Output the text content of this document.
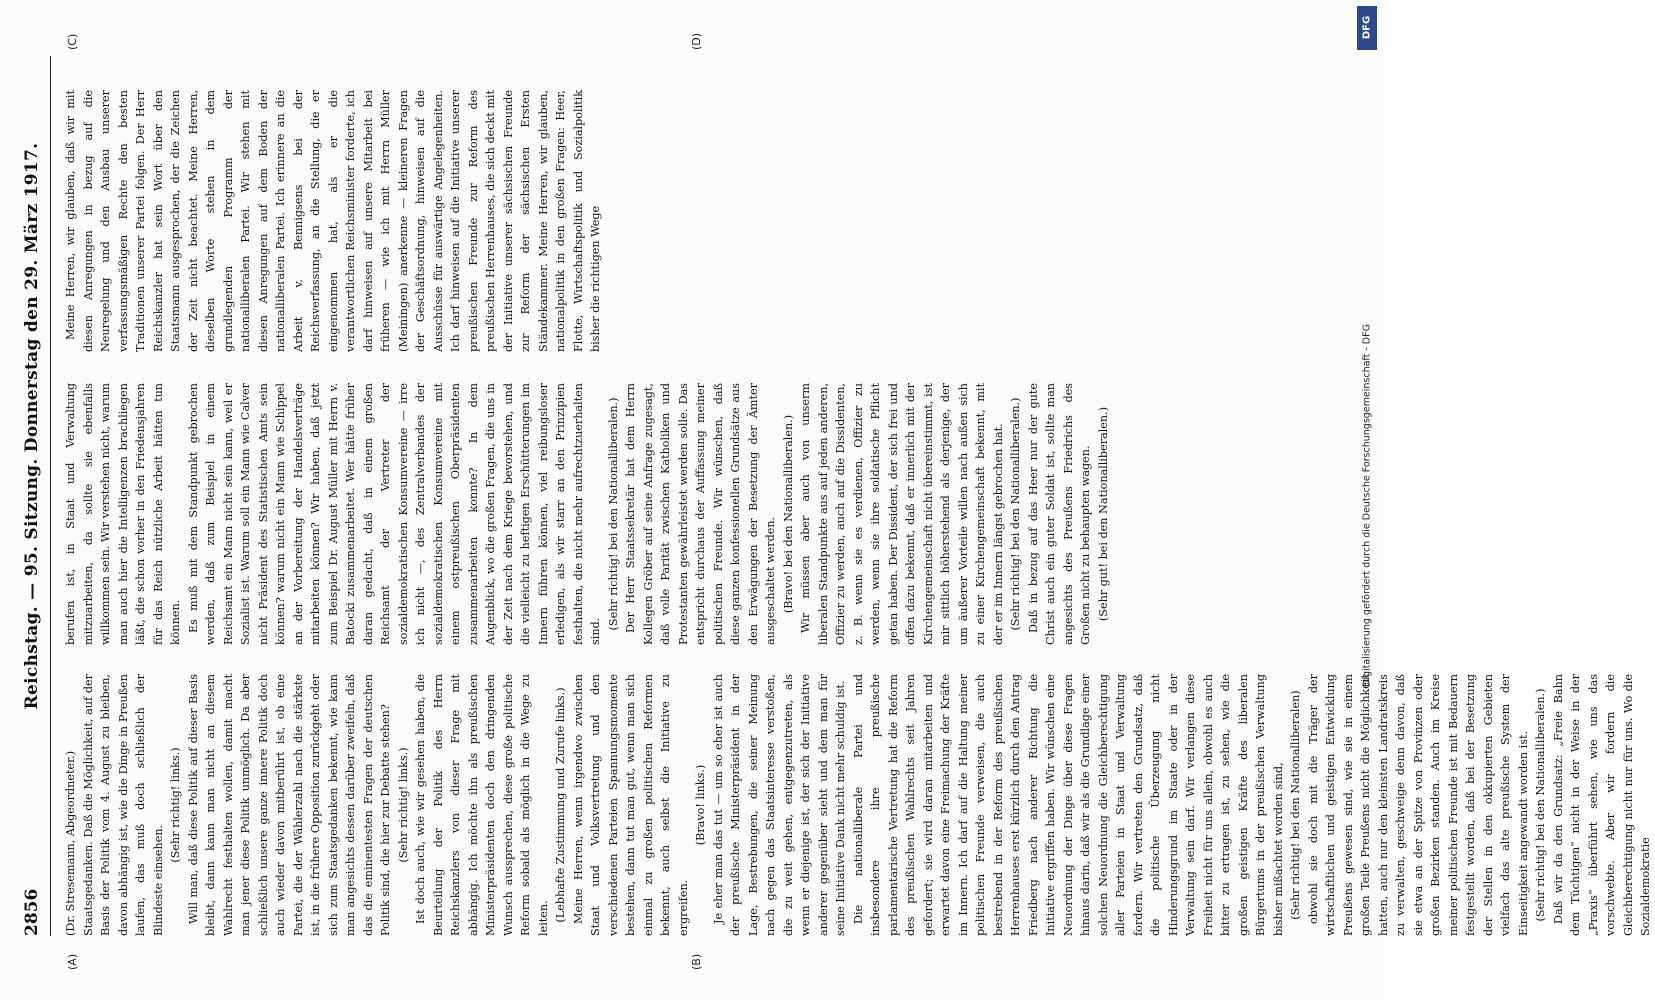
2856
Reichstag. — 95. Sitzung. Donnerstag den 29. März 1917.

(Dr. Stresemann, Abgeordneter.) Staatsgedanken. Daß die Möglichkeit, auf der Basis der Politik vom 4. August zu bleiben, davon abhängig ist, wie die Dinge in Preußen laufen, das muß doch schließlich der Blindeste einsehen.

(Sehr richtig! links.) Will man, daß diese Politik auf dieser Basis bleibt, dann kann man nicht an diesem Wahlrecht festhalten wollen, damit macht man jener diese Politik unmöglich. Da aber schließlich unsere ganze innere Politik doch auch wieder davon mitberührt ist, ob eine Partei, die der Wählerzahl nach die stärkste ist, in die frühere Opposition zurückgeht oder sich zum Staatsgedanken bekennt, wie kann man angesichts dessen darüber zweifeln, daß das die eminentesten Fragen der deutschen Politik sind, die hier zur Debatte stehen? (Sehr richtig! links.) Ist doch auch, wie wir gesehen haben, die Beurteilung der Politik des Herrn Reichskanzlers von dieser Frage mit abhängig. Ich möchte ihn als preußischen Ministerpräsidenten doch den dringenden Wunsch aussprechen, diese große politische Reform sobald als möglich in die Wege zu leiten. (Lebhafte Zustimmung und Zurufe links.) Meine Herren, wenn irgendwo zwischen Staat und Volksvertretung und den verschiedenen Parteien Spannungsmomente bestehen, dann tut man gut, wenn man sich einmal zu großen politischen Reformen bekennt, auch selbst die Initiative zu ergreifen.

(Bravo! links.) Je eher man das tut — um so eher ist auch der preußische Ministerpräsident in der Lage, Bestrebungen, die seiner Meinung nach gegen das Staatsinteresse verstoßen, die zu weit gehen, entgegenzutreten, als wenn er diejenige ist, der sich der Initiative anderer gegenüber sieht und dem man für seine Initiative Dank nicht mehr schuldig ist. Die nationalliberale Partei und insbesondere ihre preußische parlamentarische Vertretung hat die Reform des preußischen Wahlrechts seit Jahren gefordert; sie wird daran mitarbeiten und erwartet davon eine Freimachung der Kräfte im Innern. Ich darf auf die Haltung meiner politischen Freunde verweisen, die auch bestrebend in der Reform des preußischen Herrenhauses erst kürzlich durch den Antrag Friedberg nach anderer Richtung die Initiative ergriffen haben. Wir wünschen eine Neuordnung der Dinge über diese Fragen hinaus darin, daß wir als die Grundlage einer solchen Neuordnung die Gleichberechtigung aller Parteien in Staat und Verwaltung fordern. Wir vertreten den Grundsatz, daß die politische Überzeugung nicht Hinderungsgrund im Staate oder in der Verwaltung sein darf. Wir verlangen diese Freiheit nicht für uns allein, obwohl es auch bitter zu ertragen ist, zu sehen, wie die großen geistigen Kräfte des liberalen Bürgertums in der preußischen Verwaltung bisher mißachtet worden sind, (Sehr richtig! bei den Nationalliberalen) obwohl sie doch mit die Träger der wirtschaftlichen und geistigen Entwicklung Preußens gewesen sind, wie sie in einem großen Teile Preußens nicht die Möglichkeit hatten, auch nur den kleinsten Landratskreis zu verwalten, geschweige denn davon, daß sie etwa an der Spitze von Provinzen oder großen Bezirken standen. Auch im Kreise meiner politischen Freunde ist mit Bedauern festgestellt worden, daß bei der Besetzung der Stellen in den okkupierten Gebieten vielfach das alte preußische System der Einseitigkeit angewandt worden ist. (Sehr richtig! bei den Nationalliberalen.) Daß wir da den Grundsatz: „Freie Bahn dem Tüchtigen“ nicht in der Weise in der „Praxis“ überführt sehen, wie uns das vorschwebte. Aber wir fordern die Gleichberechtigung nicht nur für uns. Wo die Sozialdemokratie

berufen ist, in Staat und Verwaltung mitzuarbeiten, da sollte sie ebenfalls willkommen sein. Wir verstehen nicht, warum man auch hier die Intelligenzen brachliegen läßt, die schon vorher in den Friedensjahren für das Reich nützliche Arbeit hätten tun können. Es muß mit dem Standpunkt gebrochen werden, daß zum Beispiel in einem Reichsamt ein Mann nicht sein kann, weil er Sozialist ist. Warum soll ein Mann wie Calver nicht Präsident des Statistischen Amts sein können? warum nicht ein Mann wie Schippel an der Vorbereitung der Handelsverträge mitarbeiten können? Wir haben, daß jetzt zum Beispiel Dr. August Müller mit Herrn v. Batocki zusammenarbeitet. Wer hätte früher daran gedacht, daß in einem großen Reichsamt der Vertreter der sozialdemokratischen Konsumvereine — irre ich nicht —, des Zentralverbandes der sozialdemokratischen Konsumvereine mit einem ostpreußischen Oberpräsidenten zusammenarbeiten konnte? In dem Augenblick, wo die großen Fragen, die uns in der Zeit nach dem Kriege bevorstehen, und die vielleicht zu heftigen Erschütterungen im Innern führen können, viel reibungsloser erledigen, als wir starr an den Prinzipien festhalten, die nicht mehr aufrechtzuerhalten sind.

(Sehr richtig! bei den Nationalliberalen.) Der Herr Staatssekretär hat dem Herrn Kollegen Gröber auf seine Anfrage zugesagt, daß volle Parität zwischen Katholiken und Protestanten gewährleistet werden solle. Das entspricht durchaus der Auffassung meiner politischen Freunde. Wir wünschen, daß diese ganzen konfessionellen Grundsätze aus den Erwägungen der Besetzung der Ämter ausgeschaltet werden. (Bravo! bei den Nationalliberalen.) Wir müssen aber auch von unserm liberalen Standpunkte aus auf jeden anderen, Offizier zu werden, auch auf die Dissidenten, z. B. wenn sie es verdienen, Offizier zu werden, wenn sie ihre soldatische Pflicht getan haben. Der Dissident, der sich frei und offen dazu bekennt, daß er innerlich mit der Kirchengemeinschaft nicht übereinstimmt, ist mir sittlich höherstehend als derjenige, der um äußerer Vorteile willen nach außen sich zu einer Kirchengemeinschaft bekennt, mit der er im Innern längst gebrochen hat. (Sehr richtig! bei den Nationalliberalen.) Daß in bezug auf das Heer nur der gute Christ auch ein guter Soldat ist, sollte man angesichts des Preußens Friedrichs des Großen nicht zu behaupten wagen. (Sehr gut! bei den Nationalliberalen.)

Meine Herren, wir glauben, daß wir mit diesen Anregungen in bezug auf die Neuregelung und den Ausbau unserer verfassungsmäßigen Rechte den besten Traditionen unserer Partei folgen. Der Herr Reichskanzler hat sein Wort über den Staatsmann ausgesprochen, der die Zeichen der Zeit nicht beachtet. Meine Herren, dieselben Worte stehen in dem grundlegenden Programm der nationalliberalen Partei. Wir stehen mit diesen Anregungen auf dem Boden der nationalliberalen Partei. Ich erinnere an die Arbeit v. Bennigsens bei der Reichsverfassung, an die Stellung, die er eingenommen hat, als er die verantwortlichen Reichsminister forderte, ich darf hinweisen auf unsere Mitarbeit bei früheren — wie ich mit Herrn Müller (Meiningen) anerkenne — kleineren Fragen der Geschäftsordnung, hinweisen auf die Ausschüsse für auswärtige Angelegenheiten. Ich darf hinweisen auf die Initiative unserer preußischen Freunde zur Reform des preußischen Herrenhauses, die sich deckt mit der Initiative unserer sächsischen Freunde zur Reform der sächsischen Ersten Ständekammer. Meine Herren, wir glauben, nationalpolitik in den großen Fragen: Heer, Flotte, Wirtschaftspolitik und Sozialpolitik bisher die richtigen Wege

(A)	(B)
(C)	(D)
DFG
Digitalisierung gefördert durch die Deutsche Forschungsgemeinschaft - DFG
